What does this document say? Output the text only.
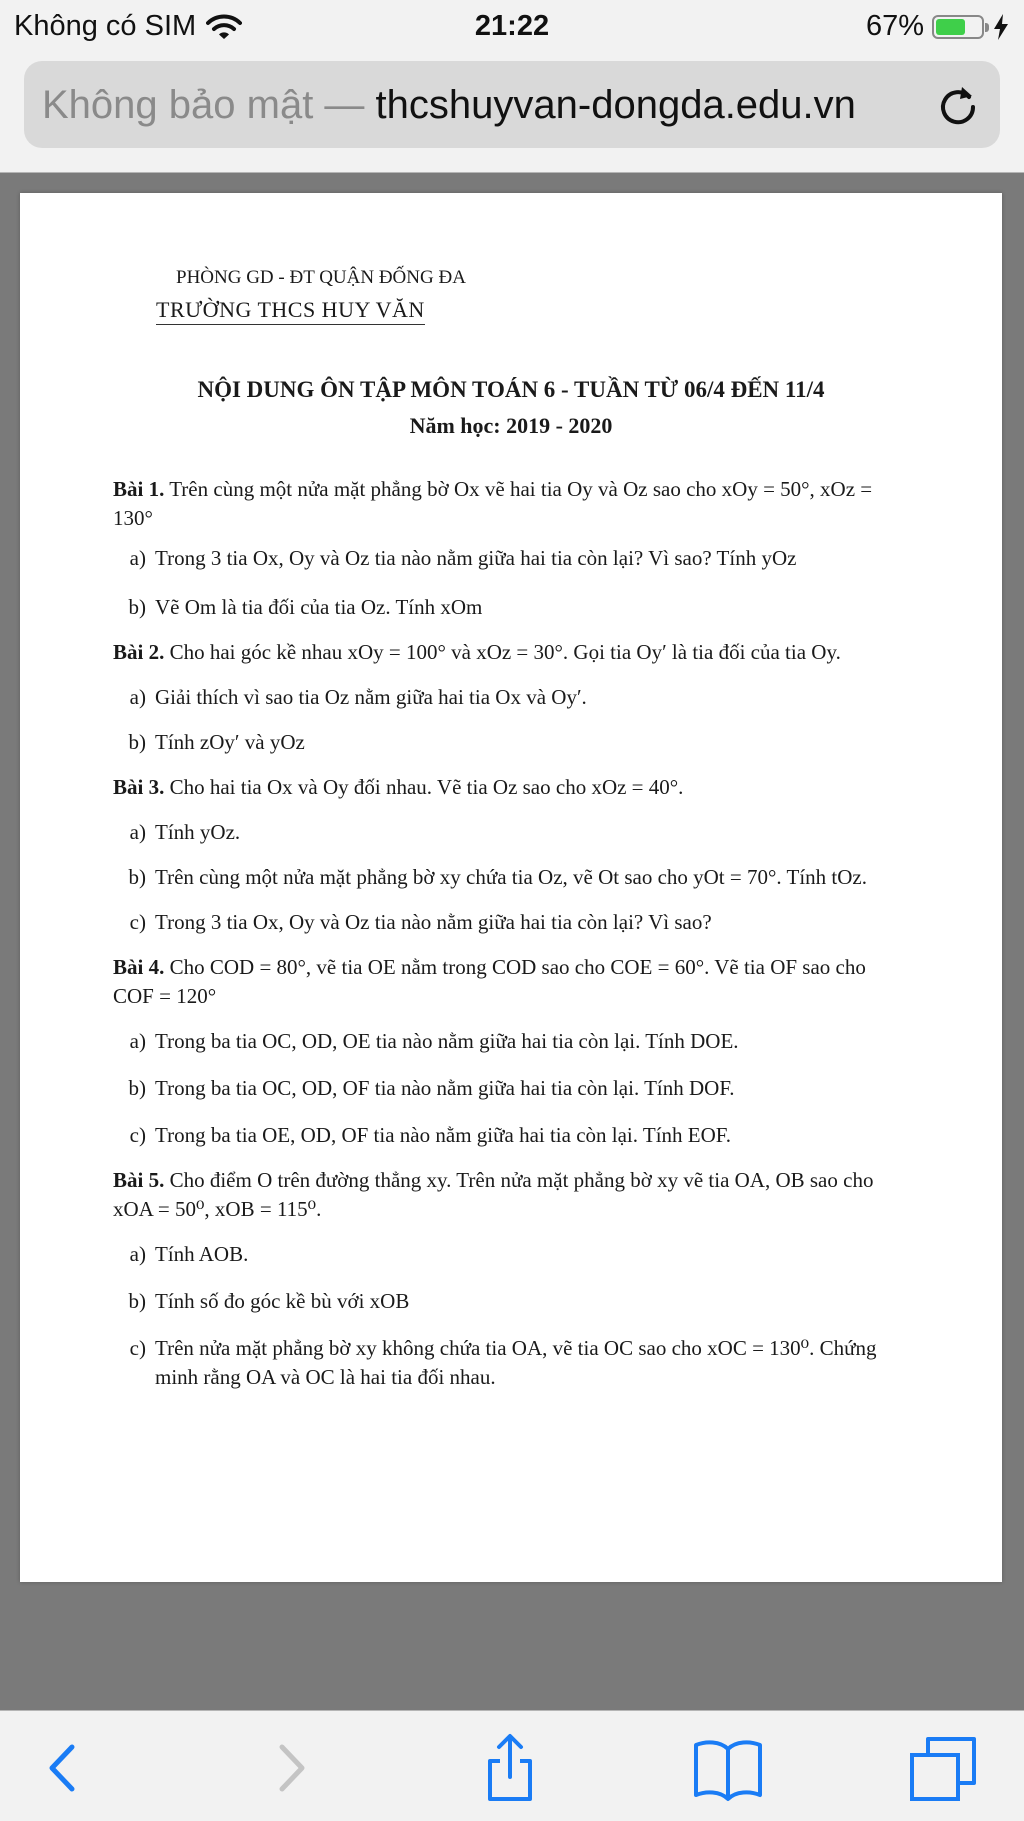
Không có SIM	21:22	67%
Không bảo mật — thcshuyvan-dongda.edu.vn
PHÒNG GD - ĐT QUẬN ĐỐNG ĐA
TRƯỜNG THCS HUY VĂN
NỘI DUNG ÔN TẬP MÔN TOÁN 6 - TUẦN TỪ 06/4 ĐẾN 11/4
Năm học: 2019 - 2020
Bài 1. Trên cùng một nửa mặt phẳng bờ Ox vẽ hai tia Oy và Oz sao cho xOy = 50°, xOz = 130°
a) Trong 3 tia Ox, Oy và Oz tia nào nằm giữa hai tia còn lại? Vì sao? Tính yOz
b) Vẽ Om là tia đối của tia Oz. Tính xOm
Bài 2. Cho hai góc kề nhau xOy = 100° và xOz = 30°. Gọi tia Oy′ là tia đối của tia Oy.
a) Giải thích vì sao tia Oz nằm giữa hai tia Ox và Oy′.
b) Tính zOy′ và yOz
Bài 3. Cho hai tia Ox và Oy đối nhau. Vẽ tia Oz sao cho xOz = 40°.
a) Tính yOz.
b) Trên cùng một nửa mặt phẳng bờ xy chứa tia Oz, vẽ Ot sao cho yOt = 70°. Tính tOz.
c) Trong 3 tia Ox, Oy và Oz tia nào nằm giữa hai tia còn lại? Vì sao?
Bài 4. Cho COD = 80°, vẽ tia OE nằm trong COD sao cho COE = 60°. Vẽ tia OF sao cho COF = 120°
a) Trong ba tia OC, OD, OE tia nào nằm giữa hai tia còn lại. Tính DOE.
b) Trong ba tia OC, OD, OF tia nào nằm giữa hai tia còn lại. Tính DOF.
c) Trong ba tia OE, OD, OF tia nào nằm giữa hai tia còn lại. Tính EOF.
Bài 5. Cho điểm O trên đường thẳng xy. Trên nửa mặt phẳng bờ xy vẽ tia OA, OB sao cho xOA = 50⁰, xOB = 115⁰.
a) Tính AOB.
b) Tính số đo góc kề bù với xOB
c) Trên nửa mặt phẳng bờ xy không chứa tia OA, vẽ tia OC sao cho xOC = 130⁰. Chứng minh rằng OA và OC là hai tia đối nhau.
